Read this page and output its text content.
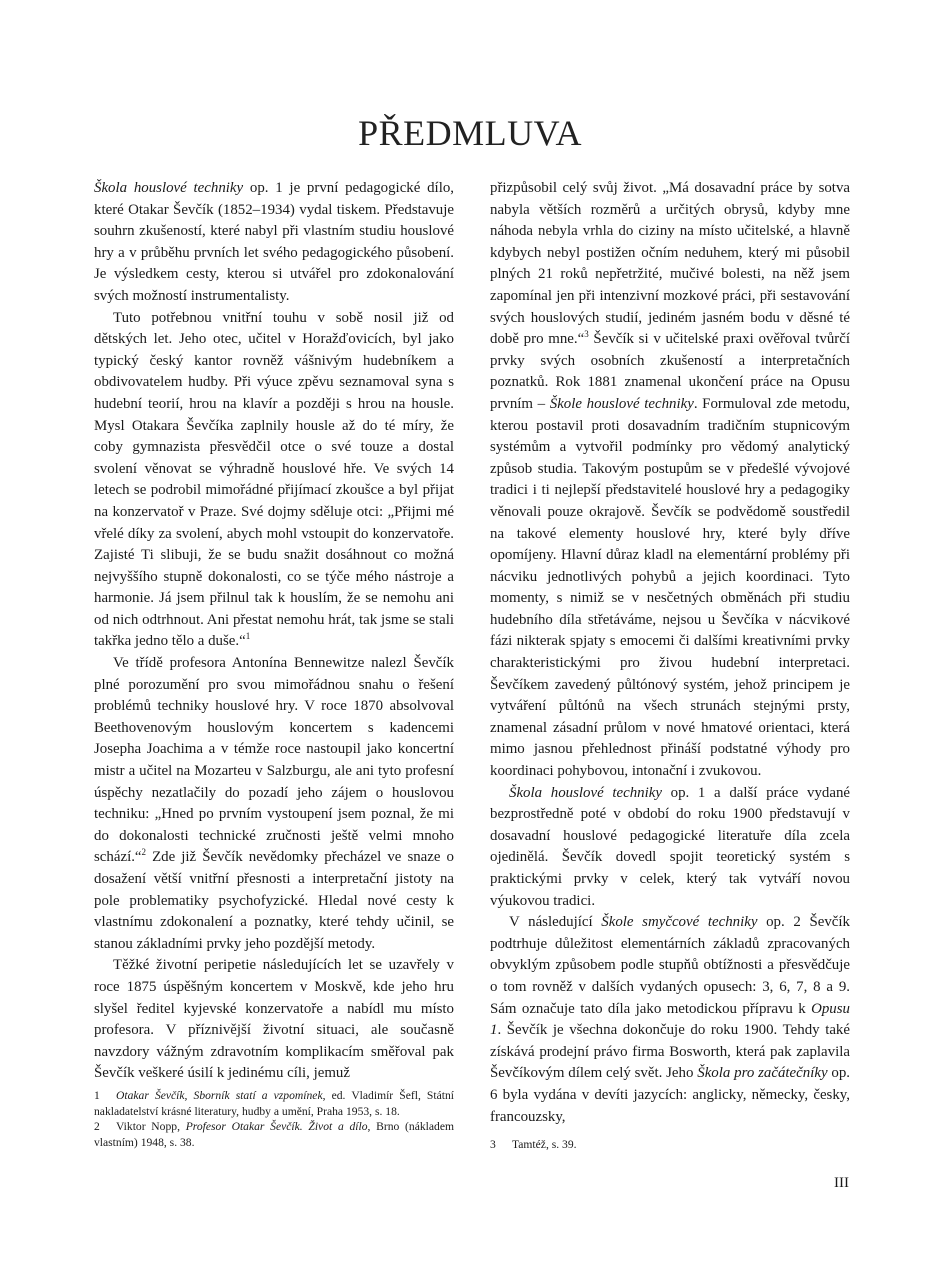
PŘEDMLUVA

Škola houslové techniky op. 1 je první pedagogické dílo, které Otakar Ševčík (1852–1934) vydal tiskem. Představuje souhrn zkušeností, které nabyl při vlastním studiu houslové hry a v průběhu prvních let svého pedagogického působení. Je výsledkem cesty, kterou si utvářel pro zdokonalování svých možností instrumentalisty.

Tuto potřebnou vnitřní touhu v sobě nosil již od dětských let. Jeho otec, učitel v Horažďovicích, byl jako typický český kantor rovněž vášnivým hudebníkem a obdivovatelem hudby. Při výuce zpěvu seznamoval syna s hudební teorií, hrou na klavír a později s hrou na housle. Mysl Otakara Ševčíka zaplnily housle až do té míry, že coby gymnazista přesvědčil otce o své touze a dostal svolení věnovat se výhradně houslové hře. Ve svých 14 letech se podrobil mimořádné přijímací zkoušce a byl přijat na konzervatoř v Praze. Své dojmy sděluje otci: „Přijmi mé vřelé díky za svolení, abych mohl vstoupit do konzervatoře. Zajisté Ti slibuji, že se budu snažit dosáhnout co možná nejvyššího stupně dokonalosti, co se týče mého nástroje a harmonie. Já jsem přilnul tak k houslím, že se nemohu ani od nich odtrhnout. Ani přestat nemohu hrát, tak jsme se stali takřka jedno tělo a duše.“$^1$

Ve třídě profesora Antonína Bennewitze nalezl Ševčík plné porozumění pro svou mimořádnou snahu o řešení problémů techniky houslové hry. V roce 1870 absolvoval Beethovenovým houslovým koncertem s kadencemi Josepha Joachima a v témže roce nastoupil jako koncertní mistr a učitel na Mozarteu v Salzburgu, ale ani tyto profesní úspěchy nezatlačily do pozadí jeho zájem o houslovou techniku: „Hned po prvním vystoupení jsem poznal, že mi do dokonalosti technické zručnosti ještě velmi mnoho schází.“$^2$ Zde již Ševčík nevědomky přecházel ve snaze o dosažení větší vnitřní přesnosti a interpretační jistoty na pole problematiky psychofyzické. Hledal nové cesty k vlastnímu zdokonalení a poznatky, které tehdy učinil, se stanou základními prvky jeho pozdější metody.

Těžké životní peripetie následujících let se uzavřely v roce 1875 úspěšným koncertem v Moskvě, kde jeho hru slyšel ředitel kyjevské konzervatoře a nabídl mu místo profesora. V příznivější životní situaci, ale současně navzdory vážným zdravotním komplikacím směřoval pak Ševčík veškeré úsilí k jedinému cíli, jemuž

přizpůsobil celý svůj život. „Má dosavadní práce by sotva nabyla větších rozměrů a určitých obrysů, kdyby mne náhoda nebyla vrhla do ciziny na místo učitelské, a hlavně kdybych nebyl postižen očním neduhem, který mi působil plných 21 roků nepřetržité, mučivé bolesti, na něž jsem zapomínal jen při intenzivní mozkové práci, při sestavování svých houslových studií, jediném jasném bodu v děsné té době pro mne.“$^3$ Ševčík si v učitelské praxi ověřoval tvůrčí prvky svých osobních zkušeností a interpretačních poznatků. Rok 1881 znamenal ukončení práce na Opusu prvním – Škole houslové techniky. Formuloval zde metodu, kterou postavil proti dosavadním tradičním stupnicovým systémům a vytvořil podmínky pro vědomý analytický způsob studia. Takovým postupům se v předešlé vývojové tradici i ti nejlepší představitelé houslové hry a pedagogiky věnovali pouze okrajově. Ševčík se podvědomě soustředil na takové elementy houslové hry, které byly dříve opomíjeny. Hlavní důraz kladl na elementární problémy při nácviku jednotlivých pohybů a jejich koordinaci. Tyto momenty, s nimiž se v nesčetných obměnách při studiu hudebního díla střetáváme, nejsou u Ševčíka v nácvikové fázi nikterak spjaty s emocemi či dalšími kreativními prvky charakteristickými pro živou hudební interpretaci. Ševčíkem zavedený půltónový systém, jehož principem je vytváření půltónů na všech strunách stejnými prsty, znamenal zásadní průlom v nové hmatové orientaci, která mimo jasnou přehlednost přináší podstatné výhody pro koordinaci pohybovou, intonační i zvukovou.

Škola houslové techniky op. 1 a další práce vydané bezprostředně poté v období do roku 1900 představují v dosavadní houslové pedagogické literatuře díla zcela ojedinělá. Ševčík dovedl spojit teoretický systém s praktickými prvky v celek, který tak vytváří novou výukovou tradici.

V následující Škole smyčcové techniky op. 2 Ševčík podtrhuje důležitost elementárních základů zpracovaných obvyklým způsobem podle stupňů obtížnosti a přesvědčuje o tom rovněž v dalších vydaných opusech: 3, 6, 7, 8 a 9. Sám označuje tato díla jako metodickou přípravu k Opusu 1. Ševčík je všechna dokončuje do roku 1900. Tehdy také získává prodejní právo firma Bosworth, která pak zaplavila Ševčíkovým dílem celý svět. Jeho Škola pro začátečníky op. 6 byla vydána v devíti jazycích: anglicky, německy, česky, francouzsky,

1 Otakar Ševčík, Sborník statí a vzpomínek, ed. Vladimír Šefl, Státní nakladatelství krásné literatury, hudby a umění, Praha 1953, s. 18.

2 Viktor Nopp, Profesor Otakar Ševčík. Život a dílo, Brno (nákladem vlastním) 1948, s. 38.	3 Tamtéž, s. 39.

III
